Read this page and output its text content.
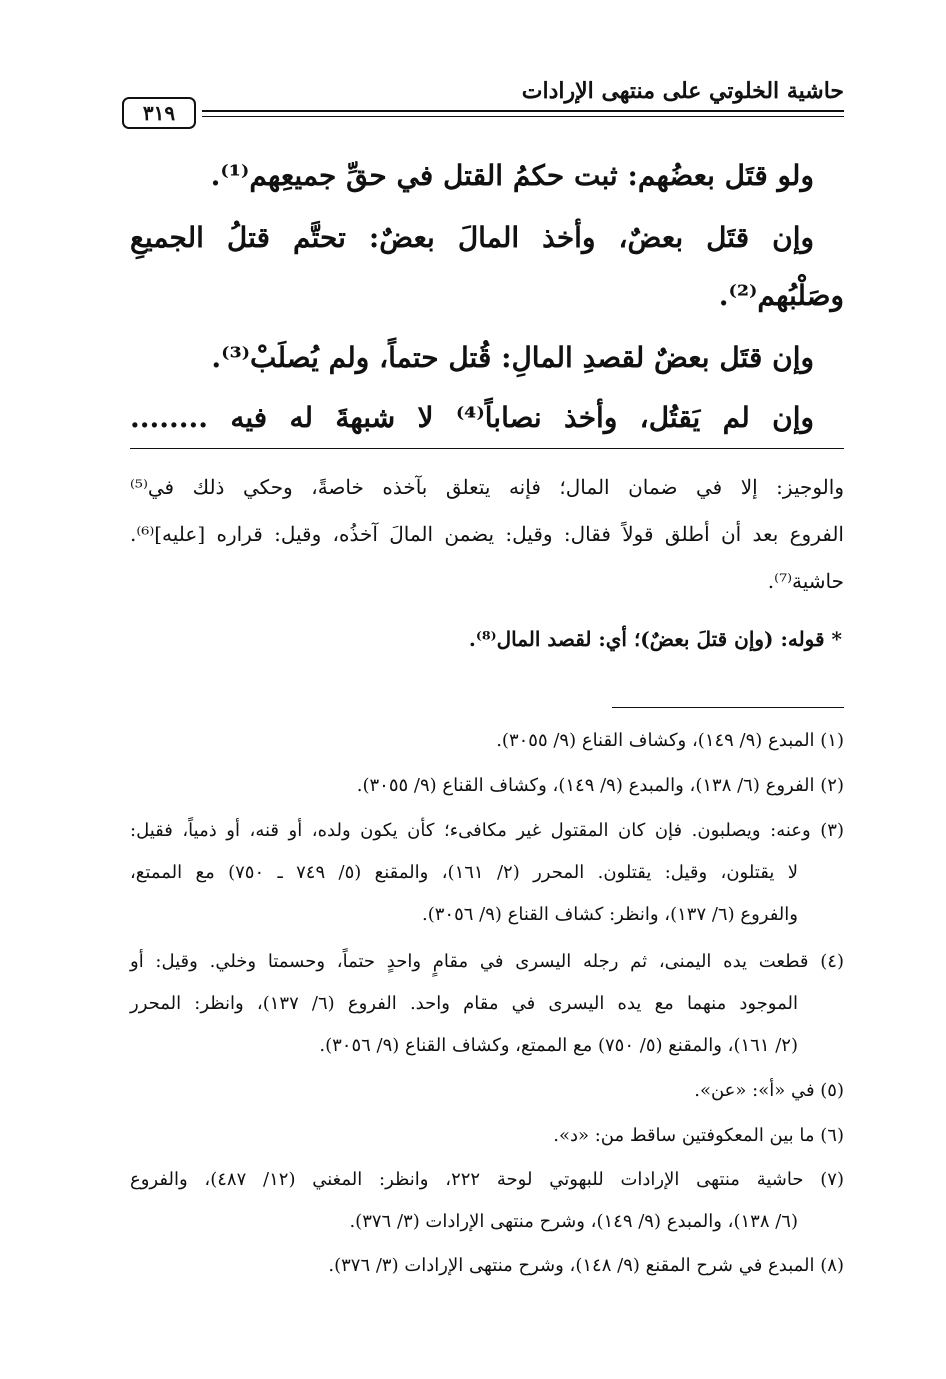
حاشية الخلوتي على منتهى الإرادات
٣١٩
ولو قتَل بعضُهم: ثبت حكمُ القتل في حقِّ جميعِهم⁽¹⁾.
وإن قتَل بعضٌ، وأخذ المالَ بعضٌ: تحتَّم قتلُ الجميعِ
وصَلْبُهم⁽²⁾.
وإن قتَل بعضٌ لقصدِ المالِ: قُتل حتماً، ولم يُصلَبْ⁽³⁾.
وإن لم يَقتُل، وأخذ نصاباً⁽⁴⁾ لا شبهةَ له فيه ........
والوجيز: إلا في ضمان المال؛ فإنه يتعلق بآخذه خاصةً، وحكي ذلك في⁽⁵⁾
الفروع بعد أن أطلق قولاً فقال: وقيل: يضمن المالَ آخذُه، وقيل: قراره [عليه]⁽⁶⁾.
حاشية⁽⁷⁾.
* قوله: (وإن قتلَ بعضٌ)؛ أي: لقصد المال⁽⁸⁾.
(١) المبدع (٩/ ١٤٩)، وكشاف القناع (٩/ ٣٠٥٥).
(٢) الفروع (٦/ ١٣٨)، والمبدع (٩/ ١٤٩)، وكشاف القناع (٩/ ٣٠٥٥).
(٣) وعنه: ويصلبون. فإن كان المقتول غير مكافىء؛ كأن يكون ولده، أو قنه، أو ذمياً، فقيل:
لا يقتلون، وقيل: يقتلون. المحرر (٢/ ١٦١)، والمقنع (٥/ ٧٤٩ ـ ٧٥٠) مع الممتع،
والفروع (٦/ ١٣٧)، وانظر: كشاف القناع (٩/ ٣٠٥٦).
(٤) قطعت يده اليمنى، ثم رجله اليسرى في مقامٍ واحدٍ حتماً، وحسمتا وخلي. وقيل: أو
الموجود منهما مع يده اليسرى في مقام واحد. الفروع (٦/ ١٣٧)، وانظر: المحرر
(٢/ ١٦١)، والمقنع (٥/ ٧٥٠) مع الممتع، وكشاف القناع (٩/ ٣٠٥٦).
(٥) في «أ»: «عن».
(٦) ما بين المعكوفتين ساقط من: «د».
(٧) حاشية منتهى الإرادات للبهوتي لوحة ٢٢٢، وانظر: المغني (١٢/ ٤٨٧)، والفروع
(٦/ ١٣٨)، والمبدع (٩/ ١٤٩)، وشرح منتهى الإرادات (٣/ ٣٧٦).
(٨) المبدع في شرح المقنع (٩/ ١٤٨)، وشرح منتهى الإرادات (٣/ ٣٧٦).
